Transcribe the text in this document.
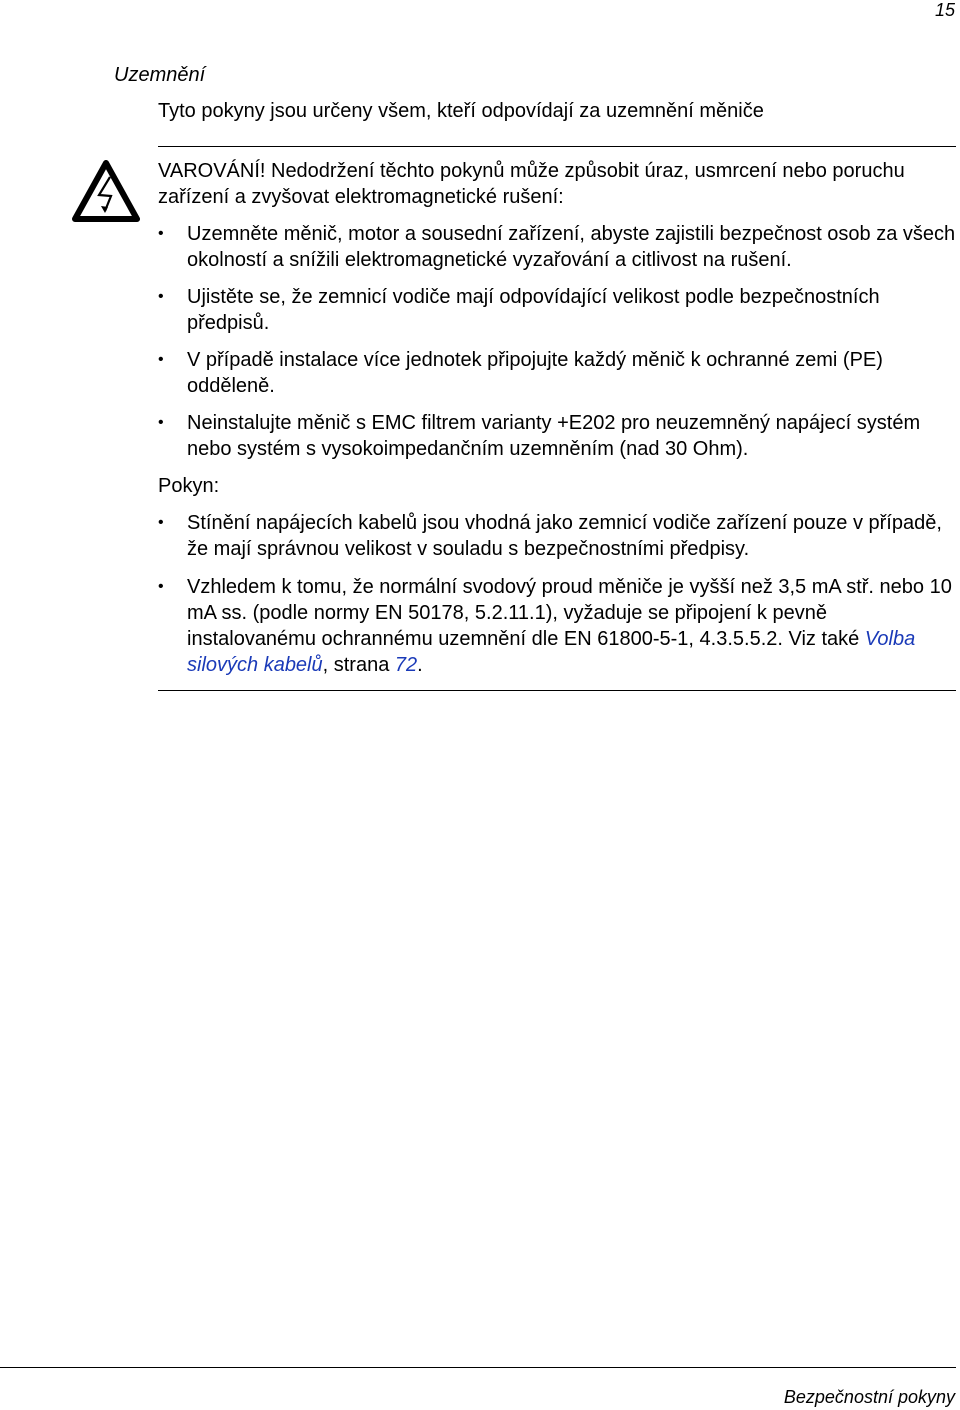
15
Uzemnění
Tyto pokyny jsou určeny všem, kteří odpovídají za uzemnění měniče

VAROVÁNÍ! Nedodržení těchto pokynů může způsobit úraz, usmrcení nebo poruchu zařízení a zvyšovat elektromagnetické rušení:

• Uzemněte měnič, motor a sousední zařízení, abyste zajistili bezpečnost osob za všech okolností a snížili elektromagnetické vyzařování a citlivost na rušení.
• Ujistěte se, že zemnicí vodiče mají odpovídající velikost podle bezpečnostních předpisů.
• V případě instalace více jednotek připojujte každý měnič k ochranné zemi (PE) odděleně.
• Neinstalujte měnič s EMC filtrem varianty +E202 pro neuzemněný napájecí systém nebo systém s vysokoimpedančním uzemněním (nad 30 Ohm).

Pokyn:

• Stínění napájecích kabelů jsou vhodná jako zemnicí vodiče zařízení pouze v případě, že mají správnou velikost v souladu s bezpečnostními předpisy.
• Vzhledem k tomu, že normální svodový proud měniče je vyšší než 3,5 mA stř. nebo 10 mA ss. (podle normy EN 50178, 5.2.11.1), vyžaduje se připojení k pevně instalovanému ochrannému uzemnění dle EN 61800-5-1, 4.3.5.5.2. Viz také Volba silových kabelů, strana 72.
Bezpečnostní pokyny
